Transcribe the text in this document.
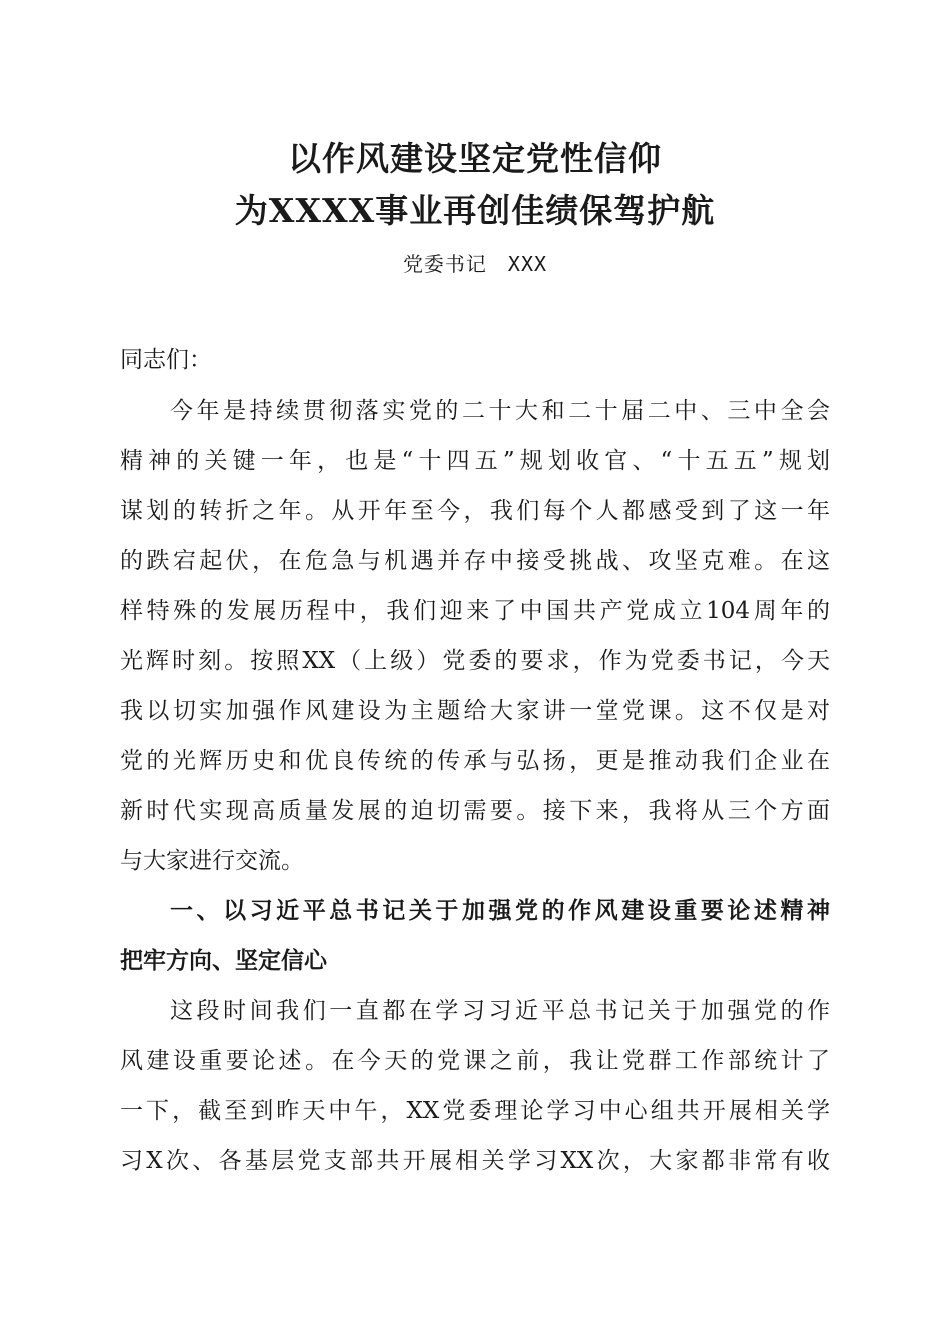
以作风建设坚定党性信仰
为XXXX事业再创佳绩保驾护航
党委书记　XXX
同志们：
今年是持续贯彻落实党的二十大和二十届二中、三中全会
精神的关键一年，也是“十四五”规划收官、“十五五”规划
谋划的转折之年。从开年至今，我们每个人都感受到了这一年
的跌宕起伏，在危急与机遇并存中接受挑战、攻坚克难。在这
样特殊的发展历程中，我们迎来了中国共产党成立104周年的
光辉时刻。按照XX（上级）党委的要求，作为党委书记，今天
我以切实加强作风建设为主题给大家讲一堂党课。这不仅是对
党的光辉历史和优良传统的传承与弘扬，更是推动我们企业在
新时代实现高质量发展的迫切需要。接下来，我将从三个方面
与大家进行交流。
一、以习近平总书记关于加强党的作风建设重要论述精神
把牢方向、坚定信心
这段时间我们一直都在学习习近平总书记关于加强党的作
风建设重要论述。在今天的党课之前，我让党群工作部统计了
一下，截至到昨天中午，XX党委理论学习中心组共开展相关学
习X次、各基层党支部共开展相关学习XX次，大家都非常有收
